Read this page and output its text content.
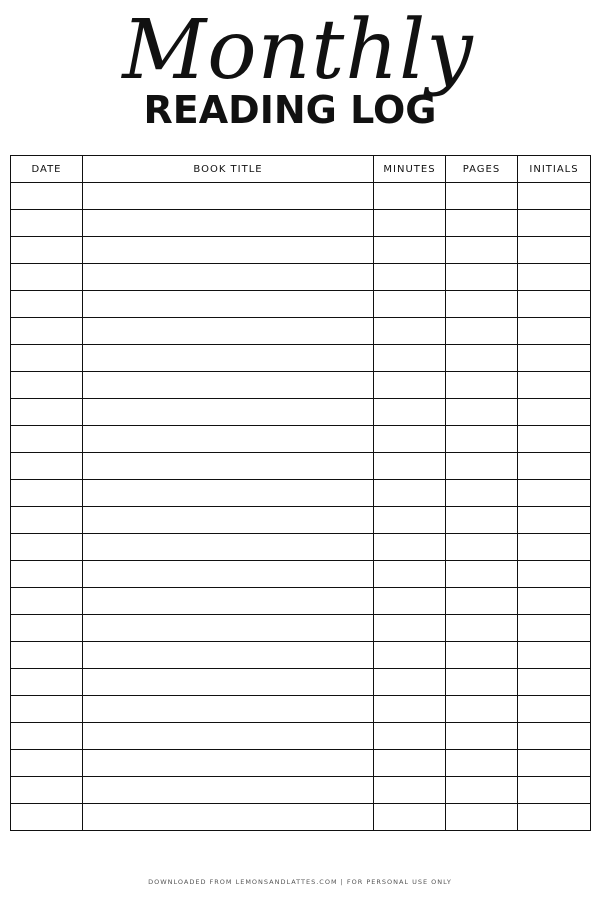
Monthly
READING LOG
DATE	BOOK TITLE	MINUTES	PAGES	INITIALS

DOWNLOADED FROM LEMONSANDLATTES.COM | FOR PERSONAL USE ONLY
